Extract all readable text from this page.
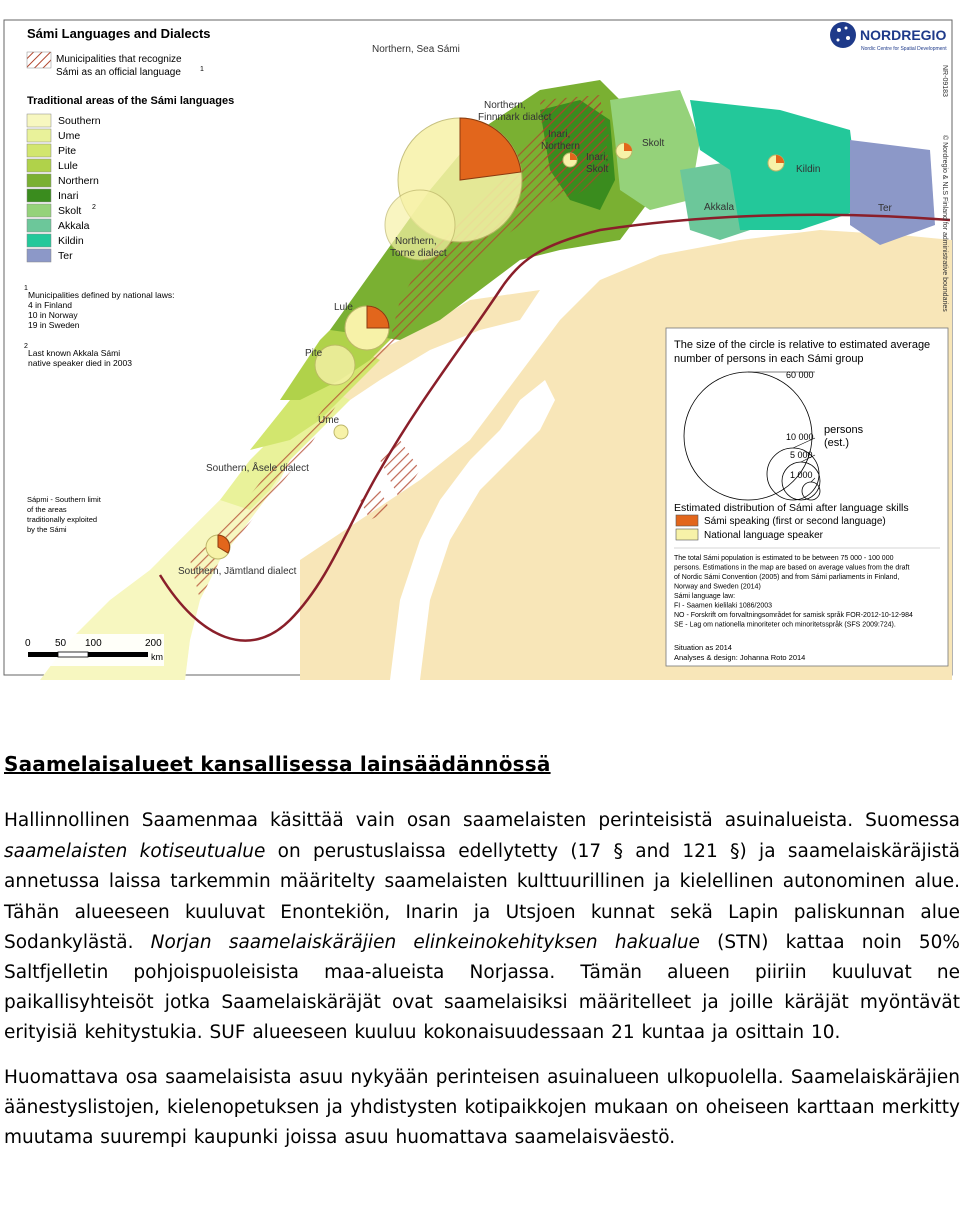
Northern, Sea Sámi
Northern,
Finnmark dialect
Inari,
Northern
Inari,
Skolt
Skolt
Kildin
Akkala	Ter
Northern,
Torne dialect
Lule
Pite
Ume
Southern, Åsele dialect
Southern, Jämtland dialect
Sámi Languages and Dialects
Municipalities that recognize
Sámi as an official language	1
Traditional areas of the Sámi languages
Southern
Ume
Pite
Lule
Northern
Inari
Skolt 2
Akkala
Kildin
Ter
1
Municipalities defined by national laws:
4 in Finland
10 in Norway
19 in Sweden
2
Last known Akkala Sámi
native speaker died in 2003
Sápmi - Southern limit
of the areas
traditionally exploited
by the Sámi
0 50 100	200
km
NORDREGIO
Nordic Centre for Spatial Development
NR-09183
© Nordregio & NLS Finland for administrative boundaries
The size of the circle is relative to estimated average
number of persons in each Sámi group
60 000
10 000
5 000
1 000
persons
(est.)
Estimated distribution of Sámi after language skills
Sámi speaking (first or second language)
National language speaker
The total Sámi population is estimated to be between 75 000 - 100 000
persons. Estimations in the map are based on average values from the draft
of Nordic Sámi Convention (2005) and from Sámi parliaments in Finland,
Norway and Sweden (2014)
Sámi language law:
FI - Saamen kielilaki 1086/2003
NO - Forskrift om forvaltningsområdet for samisk språk FOR-2012-10-12-984
SE - Lag om nationella minoriteter och minoritetsspråk (SFS 2009:724).
Situation as 2014
Analyses & design: Johanna Roto 2014
Saamelaisalueet kansallisessa lainsäädännössä

Hallinnollinen Saamenmaa käsittää vain osan saamelaisten perinteisistä asuinalueista. Suomessa saamelaisten kotiseutualue on perustuslaissa edellytetty (17 § and 121 §) ja saamelaiskäräjistä annetussa laissa tarkemmin määritelty saamelaisten kulttuurillinen ja kielellinen autonominen alue. Tähän alueeseen kuuluvat Enontekiön, Inarin ja Utsjoen kunnat sekä Lapin paliskunnan alue Sodankylästä. Norjan saamelaiskäräjien elinkeinokehityksen hakualue (STN) kattaa noin 50% Saltfjelletin pohjoispuoleisista maa-alueista Norjassa. Tämän alueen piiriin kuuluvat ne paikallisyhteisöt jotka Saamelaiskäräjät ovat saamelaisiksi määritelleet ja joille käräjät myöntävät erityisiä kehitystukia. SUF alueeseen kuuluu kokonaisuudessaan 21 kuntaa ja osittain 10.

Huomattava osa saamelaisista asuu nykyään perinteisen asuinalueen ulkopuolella. Saamelaiskäräjien äänestyslistojen, kielenopetuksen ja yhdistysten kotipaikkojen mukaan on oheiseen karttaan merkitty muutama suurempi kaupunki joissa asuu huomattava saamelaisväestö.
